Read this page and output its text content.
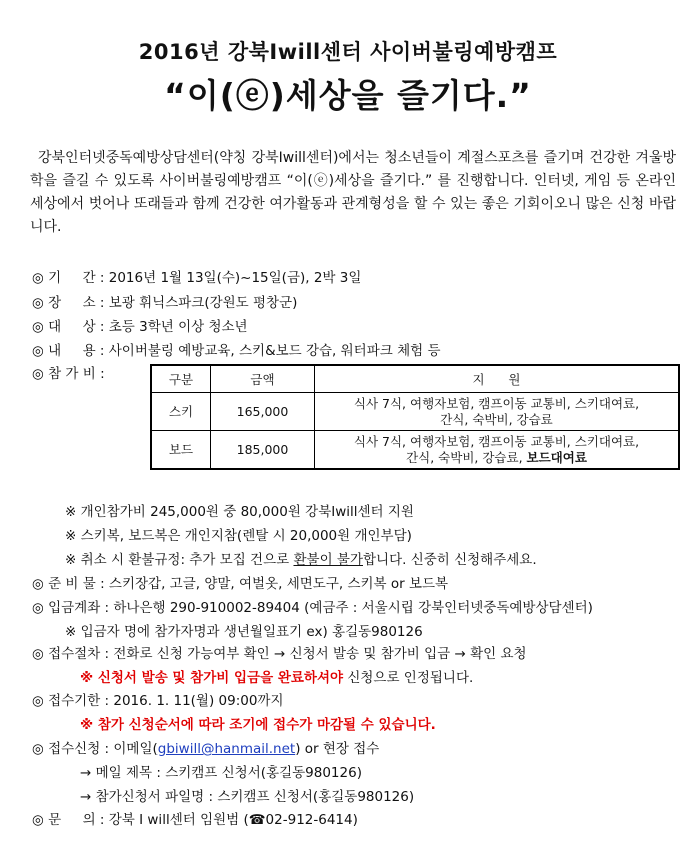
2016년 강북Iwill센터 사이버불링예방캠프
“이(ⓔ)세상을 즐기다.”
강북인터넷중독예방상담센터(약칭 강북Iwill센터)에서는 청소년들이 계절스포츠를 즐기며 건강한 겨울방학을 즐길 수 있도록 사이버불링예방캠프 “이(ⓔ)세상을 즐기다.” 를 진행합니다. 인터넷, 게임 등 온라인 세상에서 벗어나 또래들과 함께 건강한 여가활동과 관계형성을 할 수 있는 좋은 기회이오니 많은 신청 바랍니다.
◎ 기     간 : 2016년 1월 13일(수)~15일(금), 2박 3일
◎ 장     소 : 보광 휘닉스파크(강원도 평창군)
◎ 대     상 : 초등 3학년 이상 청소년
◎ 내     용 : 사이버불링 예방교육, 스키&보드 강습, 워터파크 체험 등
◎ 참 가 비 :	구분	금액	지      원
스키	165,000	식사 7식, 여행자보험, 캠프이동 교통비, 스키대여료,
간식, 숙박비, 강습료

보드	185,000	식사 7식, 여행자보험, 캠프이동 교통비, 스키대여료,
간식, 숙박비, 강습료, 보드대여료
※ 개인참가비 245,000원 중 80,000원 강북Iwill센터 지원
※ 스키복, 보드복은 개인지참(렌탈 시 20,000원 개인부담)
※ 취소 시 환불규정: 추가 모집 건으로 환불이 불가합니다. 신중히 신청해주세요.
◎ 준 비 물 : 스키장갑, 고글, 양말, 여벌옷, 세면도구, 스키복 or 보드복
◎ 입금계좌 : 하나은행 290-910002-89404 (예금주 : 서울시립 강북인터넷중독예방상담센터)
※ 입금자 명에 참가자명과 생년월일표기 ex) 홍길동980126
◎ 접수절차 : 전화로 신청 가능여부 확인 → 신청서 발송 및 참가비 입금 → 확인 요청
※ 신청서 발송 및 참가비 입금을 완료하셔야 신청으로 인정됩니다.
◎ 접수기한 : 2016. 1. 11(월) 09:00까지
※ 참가 신청순서에 따라 조기에 접수가 마감될 수 있습니다.
◎ 접수신청 : 이메일(gbiwill@hanmail.net) or 현장 접수
→ 메일 제목 : 스키캠프 신청서(홍길동980126)
→ 참가신청서 파일명 : 스키캠프 신청서(홍길동980126)
◎ 문     의 : 강북 I will센터 임원범 (☎02-912-6414)
